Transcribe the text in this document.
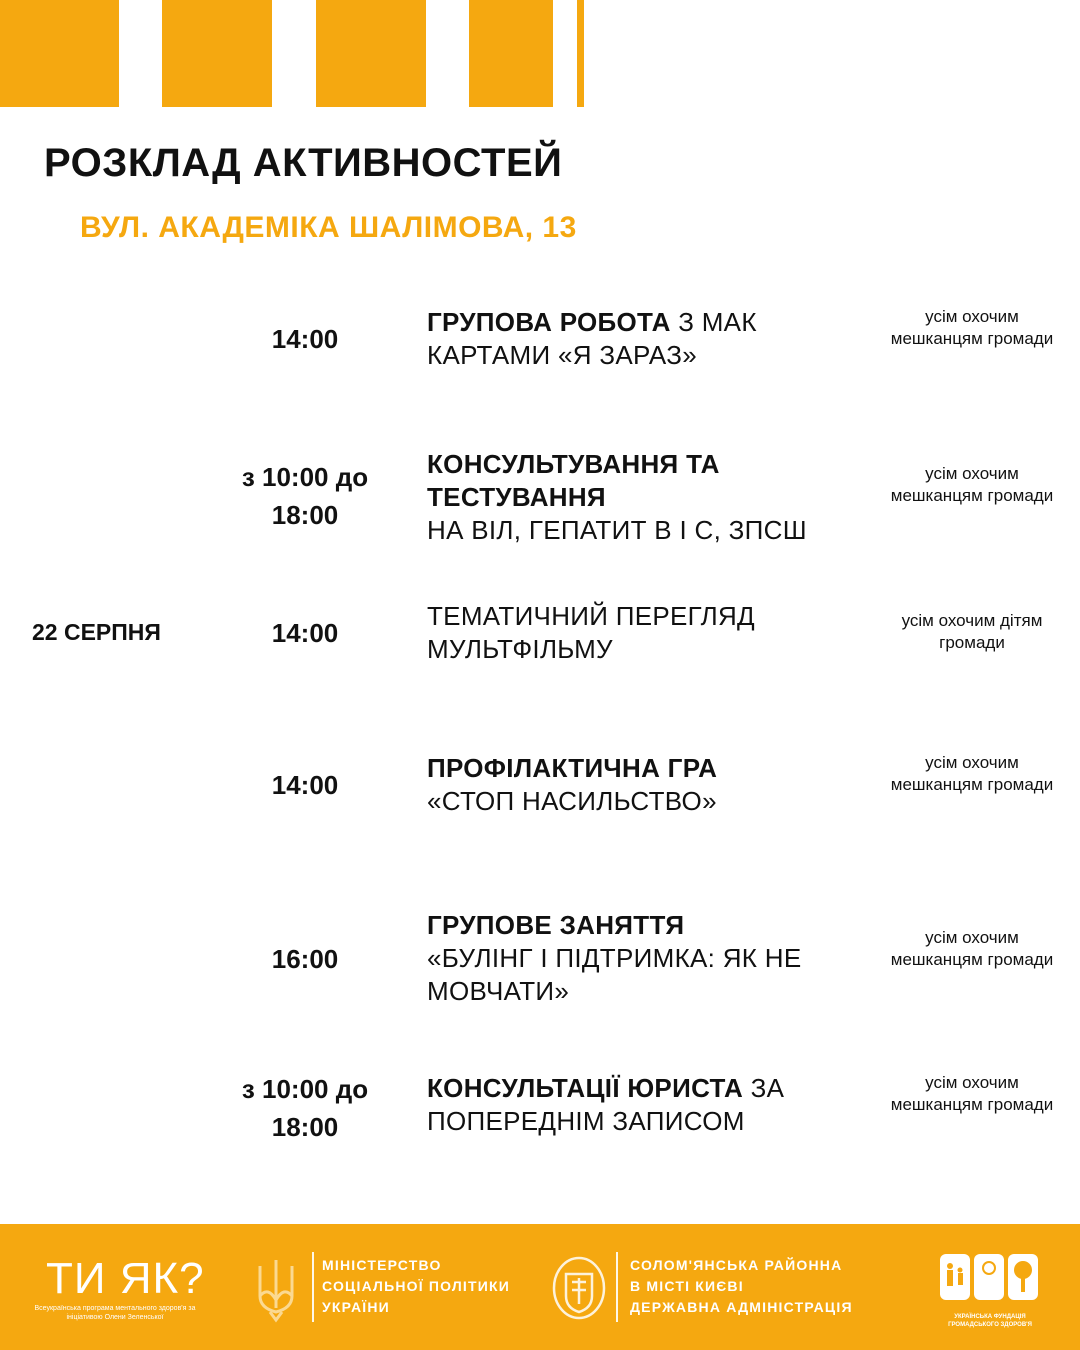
РОЗКЛАД АКТИВНОСТЕЙ
ВУЛ. АКАДЕМІКА ШАЛІМОВА, 13
22 СЕРПНЯ
14:00
ГРУПОВА РОБОТА З МАК КАРТАМИ «Я ЗАРАЗ»
усім охочим мешканцям громади
з 10:00 до 18:00
КОНСУЛЬТУВАННЯ ТА ТЕСТУВАННЯ
НА ВІЛ, ГЕПАТИТ В І С, ЗПСШ
усім охочим мешканцям громади
14:00
ТЕМАТИЧНИЙ ПЕРЕГЛЯД МУЛЬТФІЛЬМУ
усім охочим дітям громади
14:00
ПРОФІЛАКТИЧНА ГРА
«СТОП НАСИЛЬСТВО»
усім охочим мешканцям громади
16:00
ГРУПОВЕ ЗАНЯТТЯ
«БУЛІНГ І ПІДТРИМКА: ЯК НЕ МОВЧАТИ»
усім охочим мешканцям громади
з 10:00 до 18:00
КОНСУЛЬТАЦІЇ ЮРИСТА ЗА ПОПЕРЕДНІМ ЗАПИСОМ
усім охочим мешканцям громади
ТИ ЯК?
Всеукраїнська програма ментального здоров'я за ініціативою Олени Зеленської
МІНІСТЕРСТВО
СОЦІАЛЬНОЇ ПОЛІТИКИ
УКРАЇНИ
СОЛОМ'ЯНСЬКА РАЙОННА
В МІСТІ КИЄВІ
ДЕРЖАВНА АДМІНІСТРАЦІЯ
УКРАЇНСЬКА ФУНДАЦІЯ ГРОМАДСЬКОГО ЗДОРОВ'Я
